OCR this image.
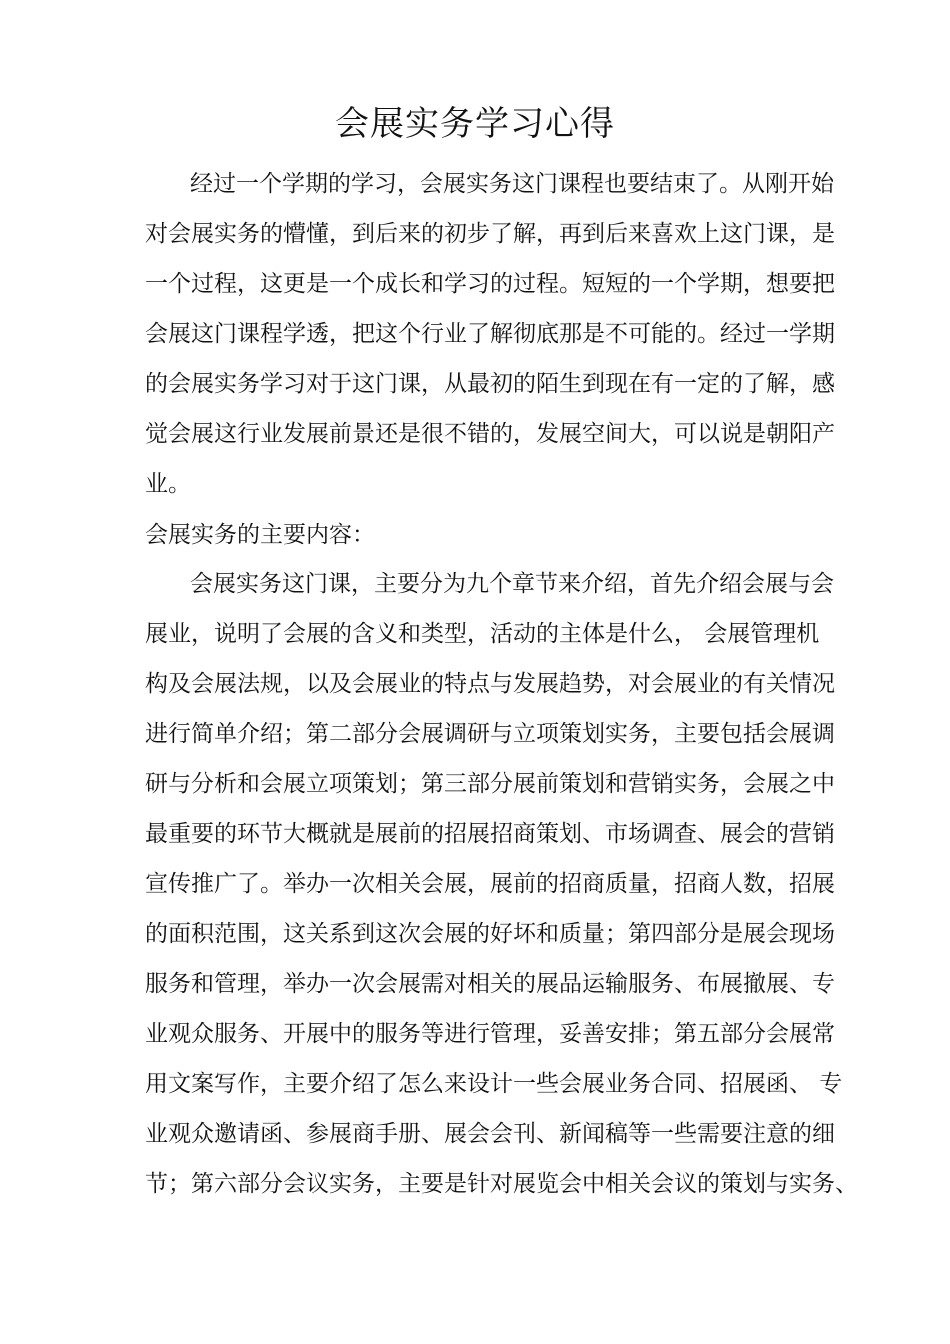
会展实务学习心得
经过一个学期的学习，会展实务这门课程也要结束了。从刚开始
对会展实务的懵懂，到后来的初步了解，再到后来喜欢上这门课，是
一个过程，这更是一个成长和学习的过程。短短的一个学期，想要把
会展这门课程学透，把这个行业了解彻底那是不可能的。经过一学期
的会展实务学习对于这门课，从最初的陌生到现在有一定的了解，感
觉会展这行业发展前景还是很不错的，发展空间大，可以说是朝阳产
业。
会展实务的主要内容：
会展实务这门课，主要分为九个章节来介绍，首先介绍会展与会
展业，说明了会展的含义和类型，活动的主体是什么， 会展管理机
构及会展法规，以及会展业的特点与发展趋势，对会展业的有关情况
进行简单介绍；第二部分会展调研与立项策划实务，主要包括会展调
研与分析和会展立项策划；第三部分展前策划和营销实务，会展之中
最重要的环节大概就是展前的招展招商策划、市场调查、展会的营销
宣传推广了。举办一次相关会展，展前的招商质量，招商人数，招展
的面积范围，这关系到这次会展的好坏和质量；第四部分是展会现场
服务和管理，举办一次会展需对相关的展品运输服务、布展撤展、专
业观众服务、开展中的服务等进行管理，妥善安排；第五部分会展常
用文案写作，主要介绍了怎么来设计一些会展业务合同、招展函、 专
业观众邀请函、参展商手册、展会会刊、新闻稿等一些需要注意的细
节；第六部分会议实务，主要是针对展览会中相关会议的策划与实务、
